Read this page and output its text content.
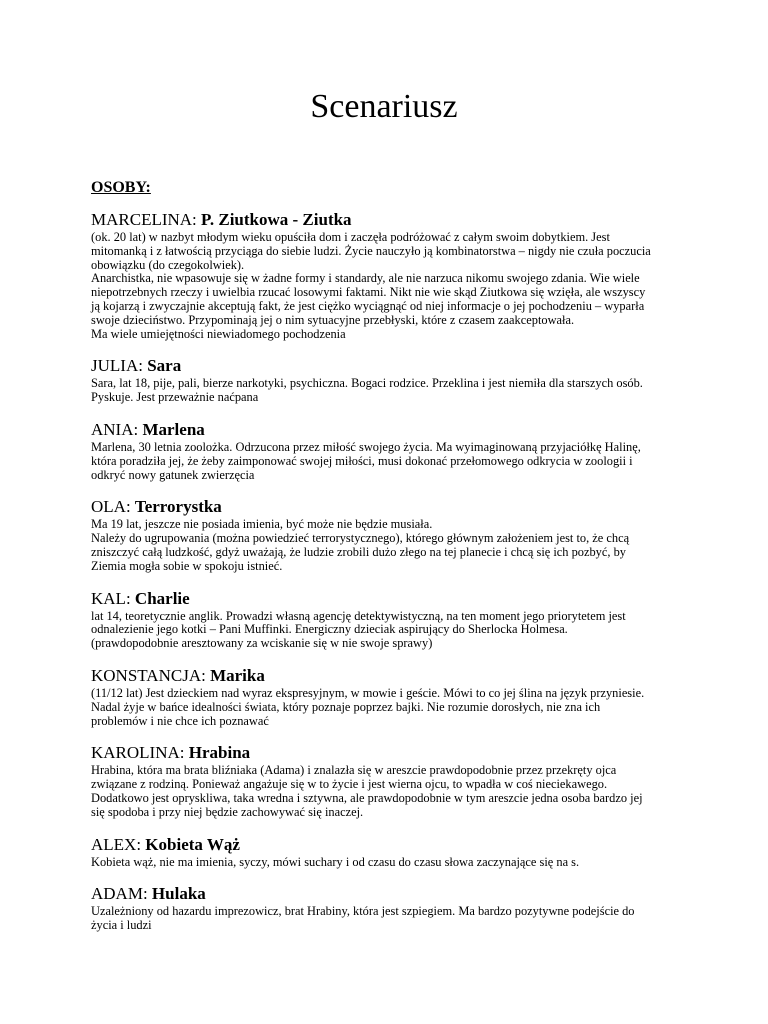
Scenariusz
OSOBY:
MARCELINA: P. Ziutkowa - Ziutka
(ok. 20 lat) w nazbyt młodym wieku opuściła dom i zaczęła podróżować z całym swoim dobytkiem. Jest
mitomanką i z łatwością przyciąga do siebie ludzi. Życie nauczyło ją kombinatorstwa – nigdy nie czuła poczucia
obowiązku (do czegokolwiek).
Anarchistka, nie wpasowuje się w żadne formy i standardy, ale nie narzuca nikomu swojego zdania. Wie wiele
niepotrzebnych rzeczy i uwielbia rzucać losowymi faktami. Nikt nie wie skąd Ziutkowa się wzięła, ale wszyscy
ją kojarzą i zwyczajnie akceptują fakt, że jest ciężko wyciągnąć od niej informacje o jej pochodzeniu – wyparła
swoje dzieciństwo. Przypominają jej o nim sytuacyjne przebłyski, które z czasem zaakceptowała.
Ma wiele umiejętności niewiadomego pochodzenia
JULIA: Sara
Sara, lat 18, pije, pali, bierze narkotyki, psychiczna. Bogaci rodzice. Przeklina i jest niemiła dla starszych osób.
Pyskuje. Jest przeważnie naćpana
ANIA: Marlena
Marlena, 30 letnia zoolożka. Odrzucona przez miłość swojego życia. Ma wyimaginowaną przyjaciółkę Halinę,
która poradziła jej, że żeby zaimponować swojej miłości, musi dokonać przełomowego odkrycia w zoologii i
odkryć nowy gatunek zwierzęcia
OLA: Terrorystka
Ma 19 lat, jeszcze nie posiada imienia, być może nie będzie musiała.
Należy do ugrupowania (można powiedzieć terrorystycznego), którego głównym założeniem jest to, że chcą
zniszczyć całą ludzkość, gdyż uważają, że ludzie zrobili dużo złego na tej planecie i chcą się ich pozbyć, by
Ziemia mogła sobie w spokoju istnieć.
KAL: Charlie
lat 14, teoretycznie anglik. Prowadzi własną agencję detektywistyczną, na ten moment jego priorytetem jest
odnalezienie jego kotki – Pani Muffinki. Energiczny dzieciak aspirujący do Sherlocka Holmesa.
(prawdopodobnie aresztowany za wciskanie się w nie swoje sprawy)
KONSTANCJA: Marika
(11/12 lat) Jest dzieckiem nad wyraz ekspresyjnym, w mowie i geście. Mówi to co jej ślina na język przyniesie.
Nadal żyje w bańce idealności świata, który poznaje poprzez bajki. Nie rozumie dorosłych, nie zna ich
problemów i nie chce ich poznawać
KAROLINA: Hrabina
Hrabina, która ma brata bliźniaka (Adama) i znalazła się w areszcie prawdopodobnie przez przekręty ojca
związane z rodziną. Ponieważ angażuje się w to życie i jest wierna ojcu, to wpadła w coś nieciekawego.
Dodatkowo jest opryskliwa, taka wredna i sztywna, ale prawdopodobnie w tym areszcie jedna osoba bardzo jej
się spodoba i przy niej będzie zachowywać się inaczej.
ALEX: Kobieta Wąż
Kobieta wąż, nie ma imienia, syczy, mówi suchary i od czasu do czasu słowa zaczynające się na s.
ADAM: Hulaka
Uzależniony od hazardu imprezowicz, brat Hrabiny, która jest szpiegiem. Ma bardzo pozytywne podejście do
życia i ludzi
